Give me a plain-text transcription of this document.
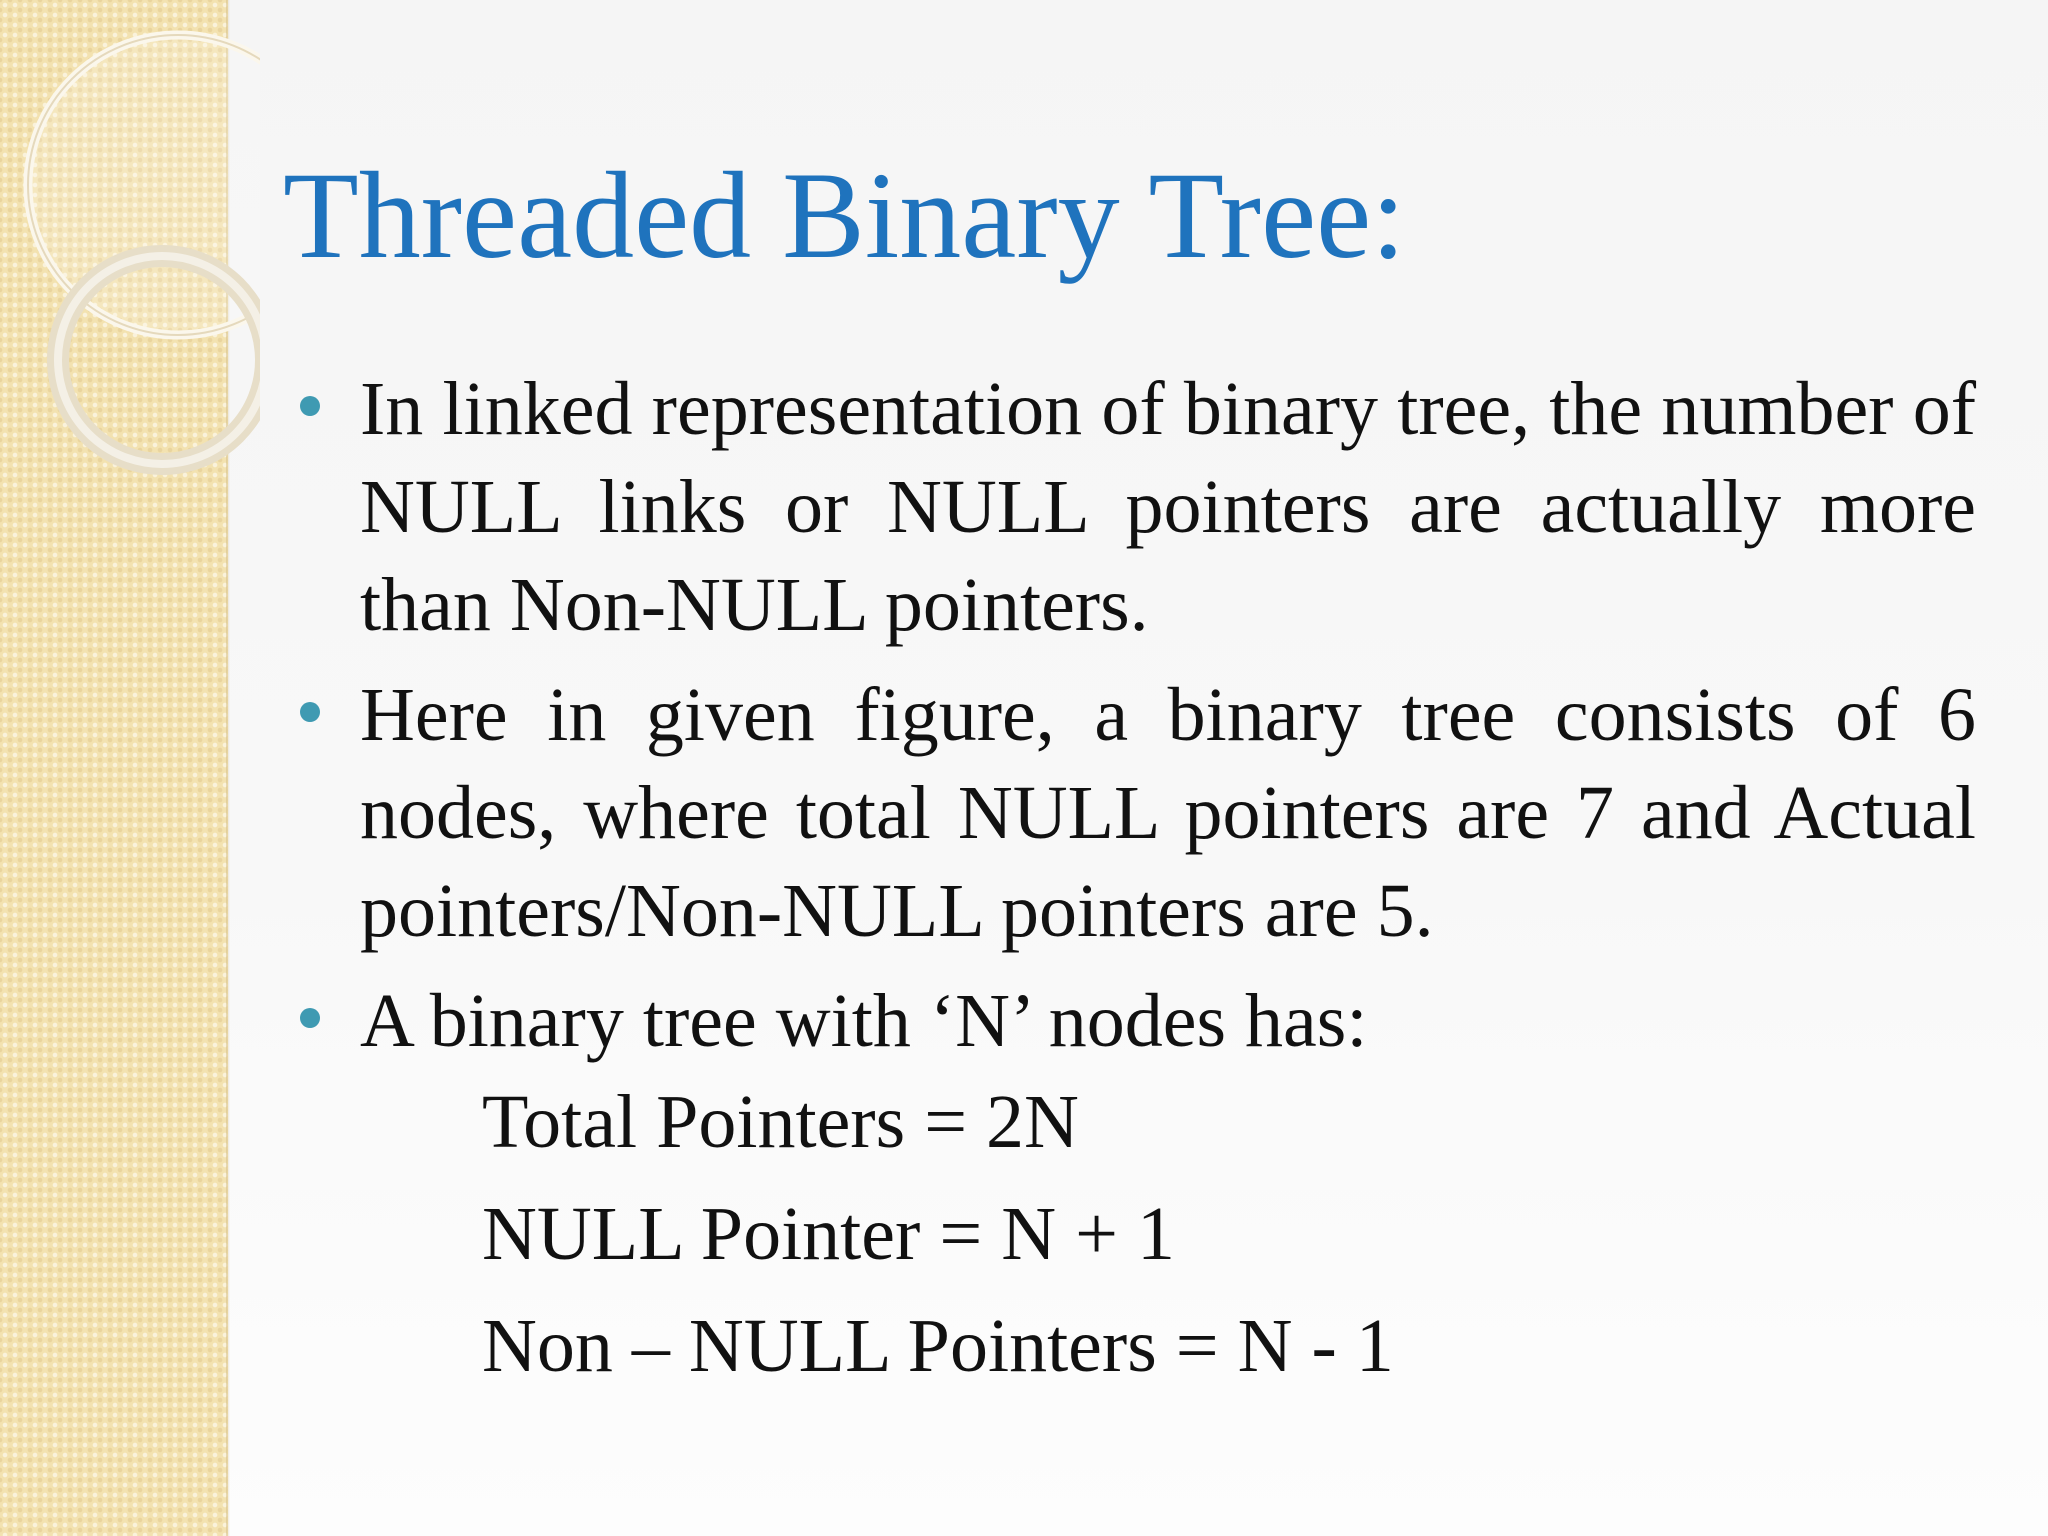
Threaded Binary Tree:
In linked representation of binary tree, the number of NULL links or NULL pointers are actually more than Non-NULL pointers.
Here in given figure, a binary tree consists of 6 nodes, where total NULL pointers are 7 and Actual pointers/Non-NULL pointers are 5.
A binary tree with ‘N’ nodes has:
Total Pointers = 2N
NULL Pointer = N + 1
Non – NULL Pointers = N - 1
